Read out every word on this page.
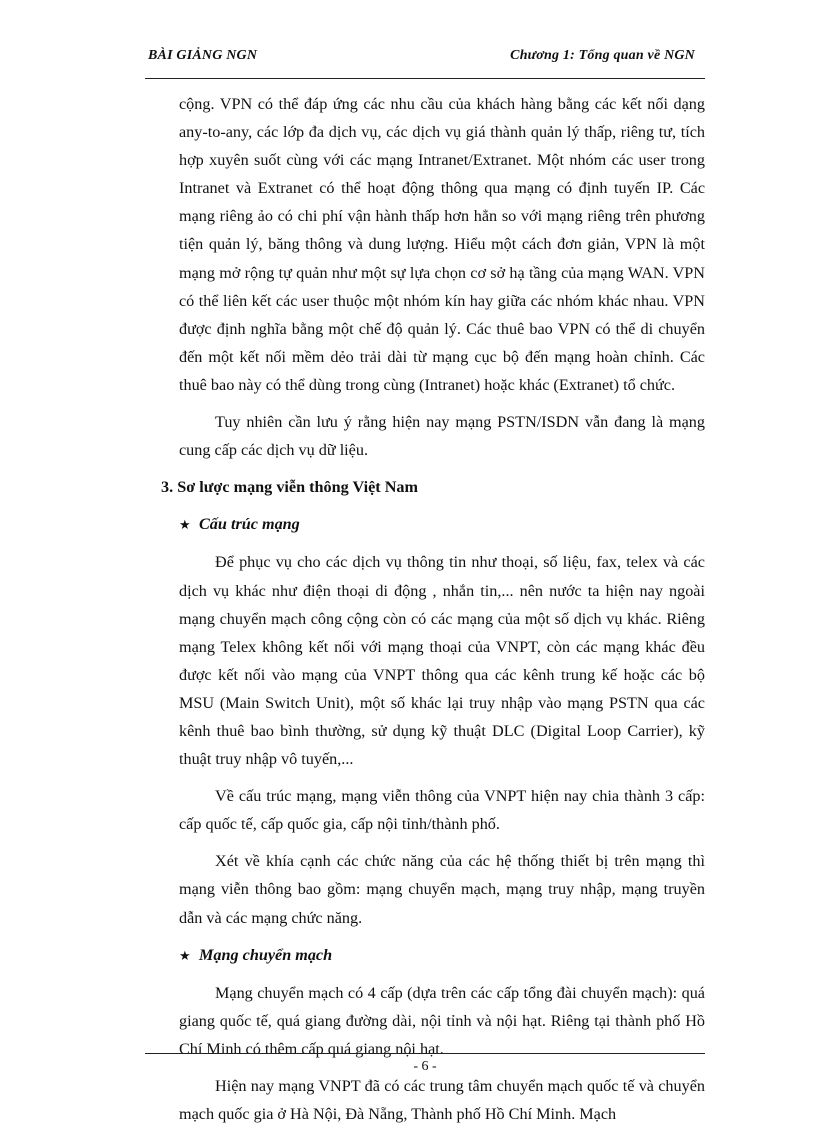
BÀI GIẢNG NGN	Chương 1: Tổng quan về NGN

cộng. VPN có thể đáp ứng các nhu cầu của khách hàng bằng các kết nối dạng any-to-any, các lớp đa dịch vụ, các dịch vụ giá thành quản lý thấp, riêng tư, tích hợp xuyên suốt cùng với các mạng Intranet/Extranet. Một nhóm các user trong Intranet và Extranet có thể hoạt động thông qua mạng có định tuyến IP. Các mạng riêng ảo có chi phí vận hành thấp hơn hẳn so với mạng riêng trên phương tiện quản lý, băng thông và dung lượng. Hiểu một cách đơn giản, VPN là một mạng mở rộng tự quản như một sự lựa chọn cơ sở hạ tầng của mạng WAN. VPN có thể liên kết các user thuộc một nhóm kín hay giữa các nhóm khác nhau. VPN được định nghĩa bằng một chế độ quản lý. Các thuê bao VPN có thể di chuyển đến một kết nối mềm dẻo trải dài từ mạng cục bộ đến mạng hoàn chỉnh. Các thuê bao này có thể dùng trong cùng (Intranet) hoặc khác (Extranet) tổ chức.

Tuy nhiên cần lưu ý rằng hiện nay mạng PSTN/ISDN vẫn đang là mạng cung cấp các dịch vụ dữ liệu.

3. Sơ lược mạng viễn thông Việt Nam

★ Cấu trúc mạng

Để phục vụ cho các dịch vụ thông tin như thoại, số liệu, fax, telex và các dịch vụ khác như điện thoại di động , nhắn tin,... nên nước ta hiện nay ngoài mạng chuyển mạch công cộng còn có các mạng của một số dịch vụ khác. Riêng mạng Telex không kết nối với mạng thoại của VNPT, còn các mạng khác đều được kết nối vào mạng của VNPT thông qua các kênh trung kế hoặc các bộ MSU (Main Switch Unit), một số khác lại truy nhập vào mạng PSTN qua các kênh thuê bao bình thường, sử dụng kỹ thuật DLC (Digital Loop Carrier), kỹ thuật truy nhập vô tuyến,...

Về cấu trúc mạng, mạng viễn thông của VNPT hiện nay chia thành 3 cấp: cấp quốc tế, cấp quốc gia, cấp nội tỉnh/thành phố.

Xét về khía cạnh các chức năng của các hệ thống thiết bị trên mạng thì mạng viễn thông bao gồm: mạng chuyển mạch, mạng truy nhập, mạng truyền dẫn và các mạng chức năng.

★ Mạng chuyển mạch

Mạng chuyển mạch có 4 cấp (dựa trên các cấp tổng đài chuyển mạch): quá giang quốc tế, quá giang đường dài, nội tỉnh và nội hạt. Riêng tại thành phố Hồ Chí Minh có thêm cấp quá giang nội hạt.

Hiện nay mạng VNPT đã có các trung tâm chuyển mạch quốc tế và chuyển mạch quốc gia ở Hà Nội, Đà Nẵng, Thành phố Hồ Chí Minh. Mạch

- 6 -
